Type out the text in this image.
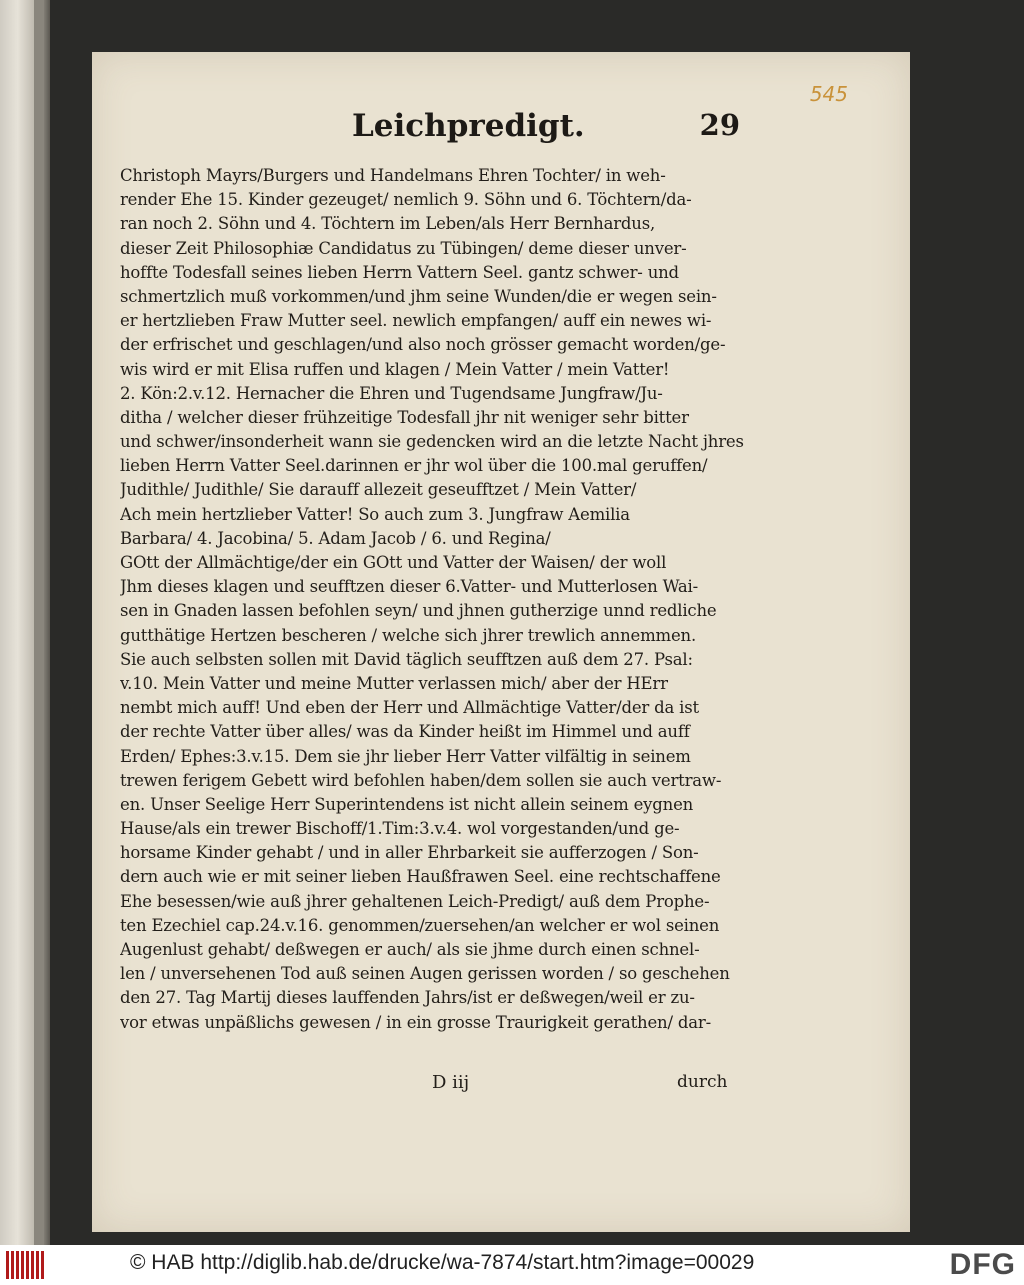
545
Leichpredigt.	29
Christoph Mayrs/Burgers und Handelmans Ehren Tochter/ in weh-
render Ehe 15. Kinder gezeuget/ nemlich 9. Söhn und 6. Töchtern/da-
ran noch 2. Söhn und 4. Töchtern im Leben/als Herr Bernhardus,
dieser Zeit Philosophiæ Candidatus zu Tübingen/ deme dieser unver-
hoffte Todesfall seines lieben Herrn Vattern Seel. gantz schwer- und
schmertzlich muß vorkommen/und jhm seine Wunden/die er wegen sein-
er hertzlieben Fraw Mutter seel. newlich empfangen/ auff ein newes wi-
der erfrischet und geschlagen/und also noch grösser gemacht worden/ge-
wis wird er mit Elisa ruffen und klagen / Mein Vatter / mein Vatter!
2. Kön:2.v.12. Hernacher die Ehren und Tugendsame Jungfraw/Ju-
ditha / welcher dieser frühzeitige Todesfall jhr nit weniger sehr bitter
und schwer/insonderheit wann sie gedencken wird an die letzte Nacht jhres
lieben Herrn Vatter Seel.darinnen er jhr wol über die 100.mal geruffen/
Judithle/ Judithle/ Sie darauff allezeit geseufftzet / Mein Vatter/
Ach mein hertzlieber Vatter! So auch zum 3. Jungfraw Aemilia
Barbara/ 4. Jacobina/ 5. Adam Jacob / 6. und Regina/
GOtt der Allmächtige/der ein GOtt und Vatter der Waisen/ der woll
Jhm dieses klagen und seufftzen dieser 6.Vatter- und Mutterlosen Wai-
sen in Gnaden lassen befohlen seyn/ und jhnen gutherzige unnd redliche
gutthätige Hertzen bescheren / welche sich jhrer trewlich annemmen.
Sie auch selbsten sollen mit David täglich seufftzen auß dem 27. Psal:
v.10. Mein Vatter und meine Mutter verlassen mich/ aber der HErr
nembt mich auff! Und eben der Herr und Allmächtige Vatter/der da ist
der rechte Vatter über alles/ was da Kinder heißt im Himmel und auff
Erden/ Ephes:3.v.15. Dem sie jhr lieber Herr Vatter vilfältig in seinem
trewen ferigem Gebett wird befohlen haben/dem sollen sie auch vertraw-
en. Unser Seelige Herr Superintendens ist nicht allein seinem eygnen
Hause/als ein trewer Bischoff/1.Tim:3.v.4. wol vorgestanden/und ge-
horsame Kinder gehabt / und in aller Ehrbarkeit sie aufferzogen / Son-
dern auch wie er mit seiner lieben Haußfrawen Seel. eine rechtschaffene
Ehe besessen/wie auß jhrer gehaltenen Leich-Predigt/ auß dem Prophe-
ten Ezechiel cap.24.v.16. genommen/zuersehen/an welcher er wol seinen
Augenlust gehabt/ deßwegen er auch/ als sie jhme durch einen schnel-
len / unversehenen Tod auß seinen Augen gerissen worden / so geschehen
den 27. Tag Martij dieses lauffenden Jahrs/ist er deßwegen/weil er zu-
vor etwas unpäßlichs gewesen / in ein grosse Traurigkeit gerathen/ dar-
D iij	durch
© HAB http://diglib.hab.de/drucke/wa-7874/start.htm?image=00029	DFG
